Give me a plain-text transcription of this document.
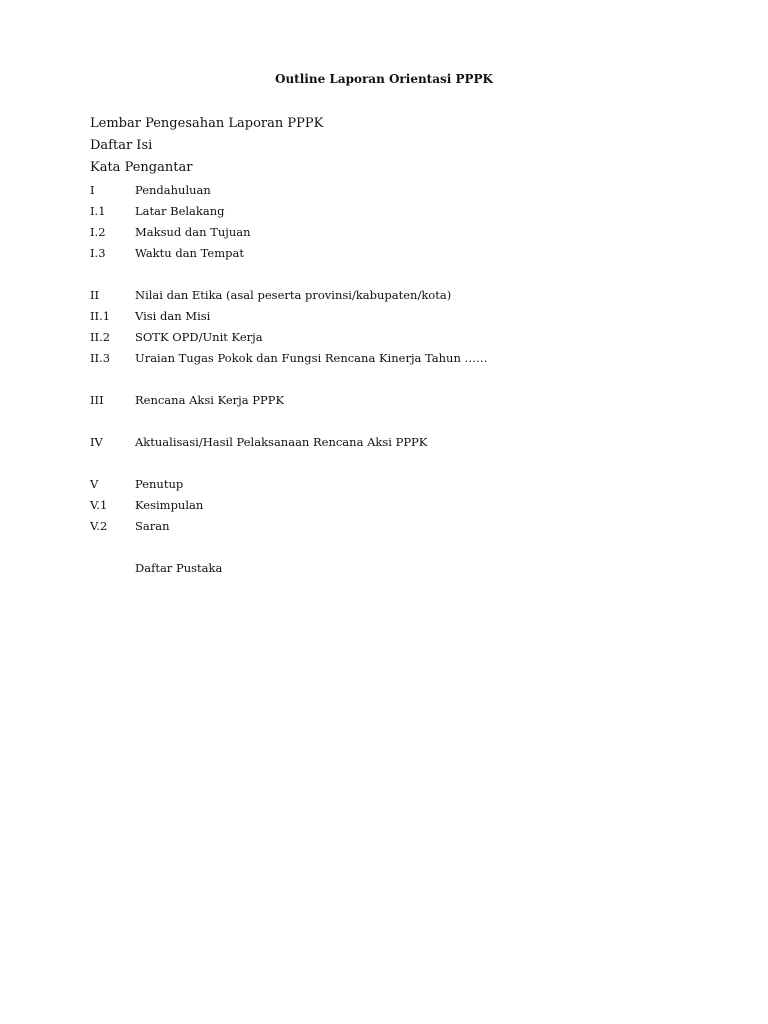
Outline Laporan Orientasi PPPK
Lembar Pengesahan Laporan PPPK
Daftar Isi
Kata Pengantar
I	Pendahuluan
I.1	Latar Belakang
I.2	Maksud dan Tujuan
I.3	Waktu dan Tempat
II	Nilai dan Etika (asal peserta provinsi/kabupaten/kota)
II.1 Visi dan Misi
II.2 SOTK OPD/Unit Kerja
II.3 Uraian Tugas Pokok dan Fungsi Rencana Kinerja Tahun ……
III	Rencana Aksi Kerja PPPK
IV	Aktualisasi/Hasil Pelaksanaan Rencana Aksi PPPK
V	Penutup
V.1 Kesimpulan
V.2 Saran
Daftar Pustaka
